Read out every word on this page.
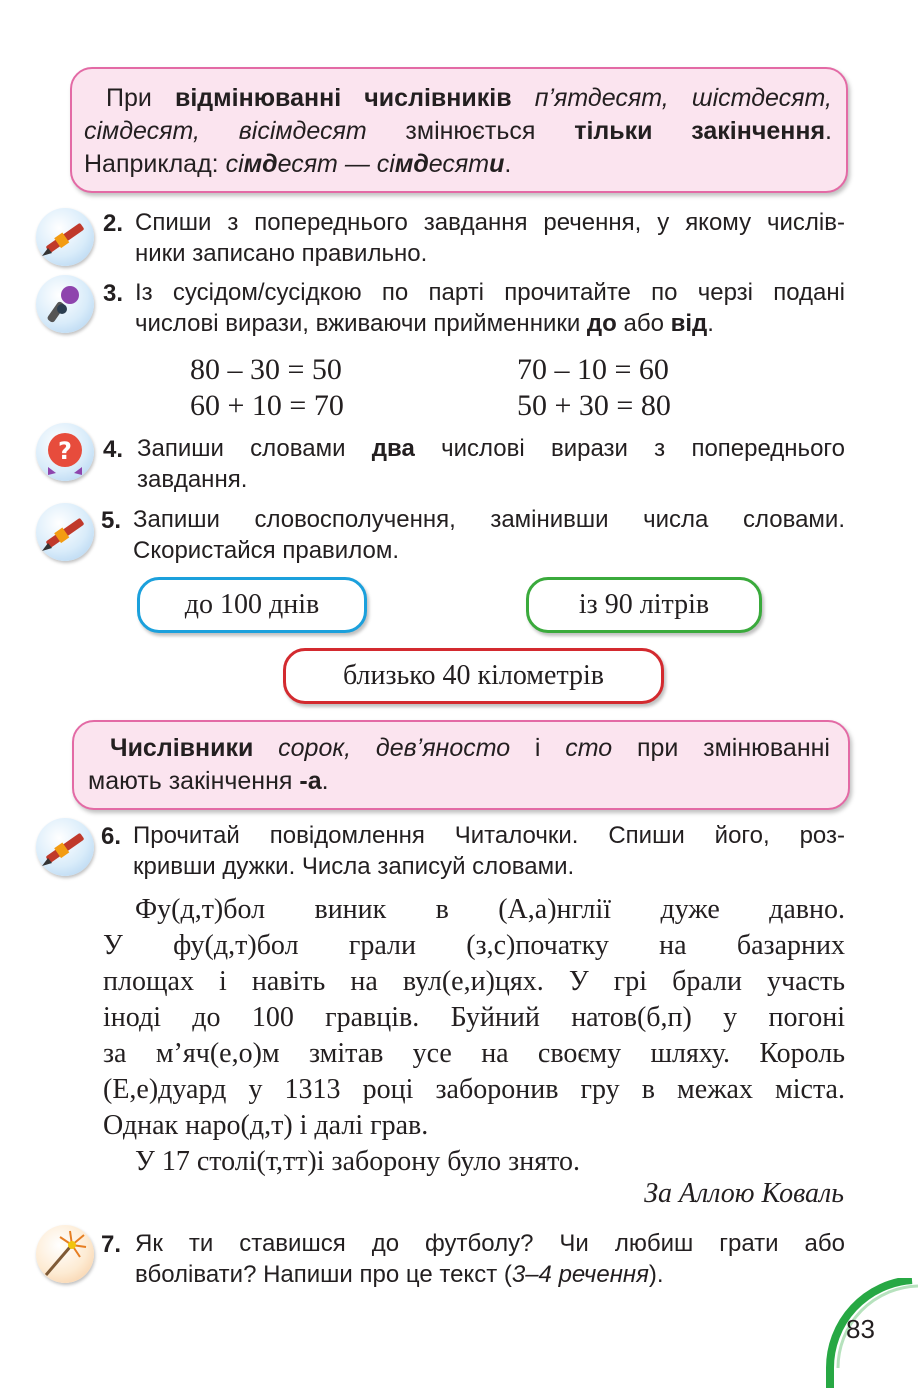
При відмінюванні числівників п’ятдесят, шістдесят,
сімдесят, вісімдесят змінюється тільки закінчення.
Наприклад: сімдесят — сімдесяти.
2. Спиши з попереднього завдання речення, у якому числів-
ники записано правильно.
3. Із сусідом/сусідкою по парті прочитайте по черзі подані
числові вирази, вживаючи прийменники до або від.
80 – 30 = 50	70 – 10 = 60
60 + 10 = 70	50 + 30 = 80
? 4. Запиши словами два числові вирази з попереднього
завдання.
5. Запиши словосполучення, замінивши числа словами.
Скористайся правилом.
до 100 днів	із 90 літрів
близько 40 кілометрів
Числівники сорок, дев’яносто і сто при змінюванні
мають закінчення -а.
6. Прочитай повідомлення Читалочки. Спиши його, роз-
кривши дужки. Числа записуй словами.
Фу(д,т)бол виник в (А,а)нглії дуже давно.
У фу(д,т)бол грали (з,с)початку на базарних
площах і навіть на вул(е,и)цях. У грі брали участь
іноді до 100 гравців. Буйний натов(б,п) у погоні
за м’яч(е,о)м змітав усе на своєму шляху. Король
(Е,е)дуард у 1313 році заборонив гру в межах міста.
Однак наро(д,т) і далі грав.
У 17 столі(т,тт)і заборону було знято.
За Аллою Коваль
7. Як ти ставишся до футболу? Чи любиш грати або
вболівати? Напиши про це текст (3–4 речення).
83
